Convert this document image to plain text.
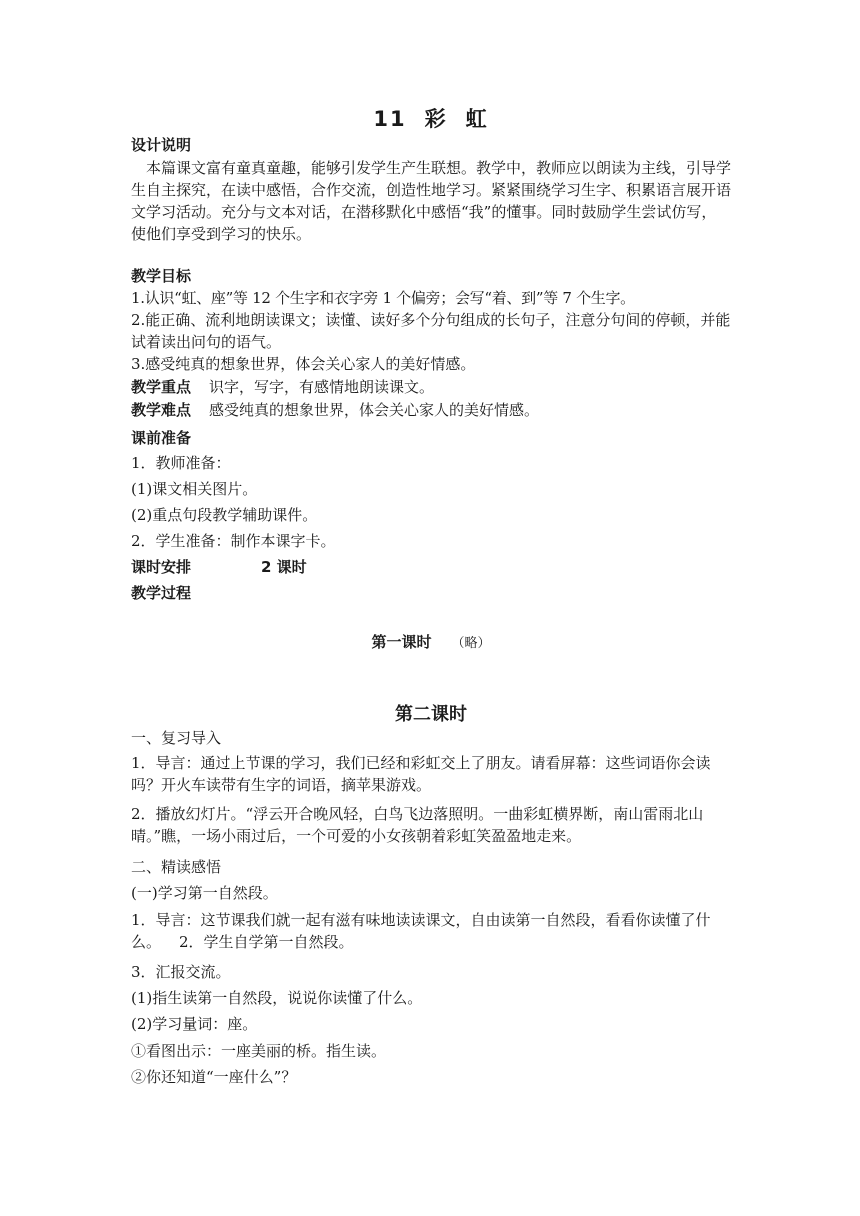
11 彩 虹
设计说明
本篇课文富有童真童趣，能够引发学生产生联想。教学中，教师应以朗读为主线，引导学生自主探究，在读中感悟，合作交流，创造性地学习。紧紧围绕学习生字、积累语言展开语文学习活动。充分与文本对话，在潜移默化中感悟“我”的懂事。同时鼓励学生尝试仿写，使他们享受到学习的快乐。
教学目标
1.认识“虹、座”等 12 个生字和衣字旁 1 个偏旁；会写“着、到”等 7 个生字。
2.能正确、流利地朗读课文；读懂、读好多个分句组成的长句子，注意分句间的停顿，并能试着读出问句的语气。
3.感受纯真的想象世界，体会关心家人的美好情感。
教学重点 识字，写字，有感情地朗读课文。
教学难点 感受纯真的想象世界，体会关心家人的美好情感。
课前准备
1．教师准备：
(1)课文相关图片。
(2)重点句段教学辅助课件。
2．学生准备：制作本课字卡。
课时安排	2 课时
教学过程
第一课时 （略）
第二课时
一、复习导入
1．导言：通过上节课的学习，我们已经和彩虹交上了朋友。请看屏幕：这些词语你会读吗？开火车读带有生字的词语，摘苹果游戏。
2．播放幻灯片。“浮云开合晚风轻，白鸟飞边落照明。一曲彩虹横界断，南山雷雨北山晴。”瞧，一场小雨过后，一个可爱的小女孩朝着彩虹笑盈盈地走来。
二、精读感悟
(一)学习第一自然段。
1．导言：这节课我们就一起有滋有味地读读课文，自由读第一自然段，看看你读懂了什么。 2．学生自学第一自然段。
3．汇报交流。
(1)指生读第一自然段，说说你读懂了什么。
(2)学习量词：座。
①看图出示：一座美丽的桥。指生读。
②你还知道“一座什么”？
